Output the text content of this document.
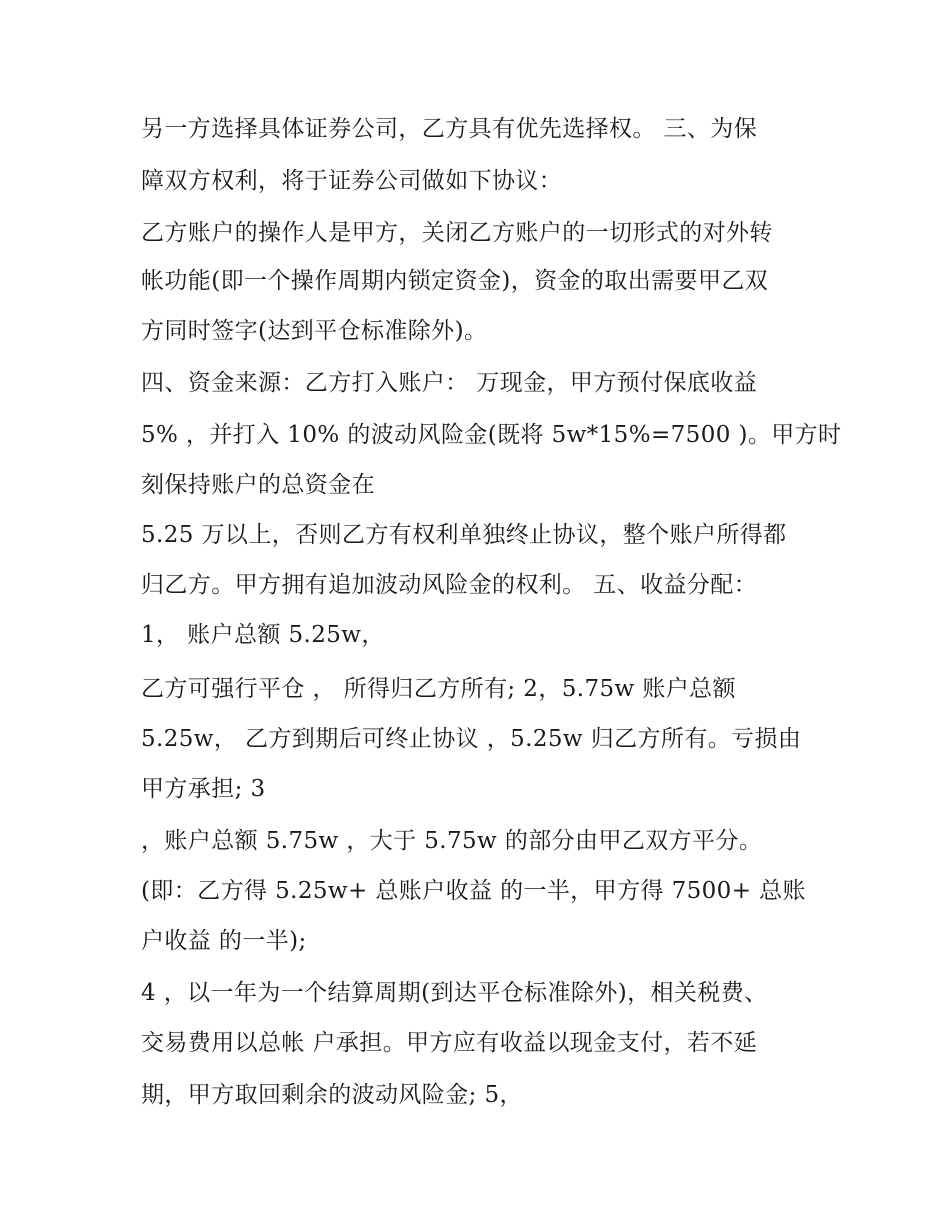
另一方选择具体证券公司，乙方具有优先选择权。 三、为保

障双方权利，将于证券公司做如下协议：

乙方账户的操作人是甲方，关闭乙方账户的一切形式的对外转

帐功能(即一个操作周期内锁定资金)，资金的取出需要甲乙双

方同时签字(达到平仓标准除外)。

四、资金来源：乙方打入账户： 万现金，甲方预付保底收益

5% ，并打入 10% 的波动风险金(既将 5w*15%=7500 )。甲方时

刻保持账户的总资金在

5.25 万以上，否则乙方有权利单独终止协议，整个账户所得都

归乙方。甲方拥有追加波动风险金的权利。 五、收益分配：

1， 账户总额 5.25w，

乙方可强行平仓 ， 所得归乙方所有; 2，5.75w 账户总额

5.25w， 乙方到期后可终止协议 ，5.25w 归乙方所有。亏损由

甲方承担; 3

，账户总额 5.75w ，大于 5.75w 的部分由甲乙双方平分。

(即：乙方得 5.25w+ 总账户收益 的一半，甲方得 7500+ 总账

户收益 的一半);

4 ，以一年为一个结算周期(到达平仓标准除外)，相关税费、

交易费用以总帐 户承担。甲方应有收益以现金支付，若不延

期，甲方取回剩余的波动风险金; 5，
